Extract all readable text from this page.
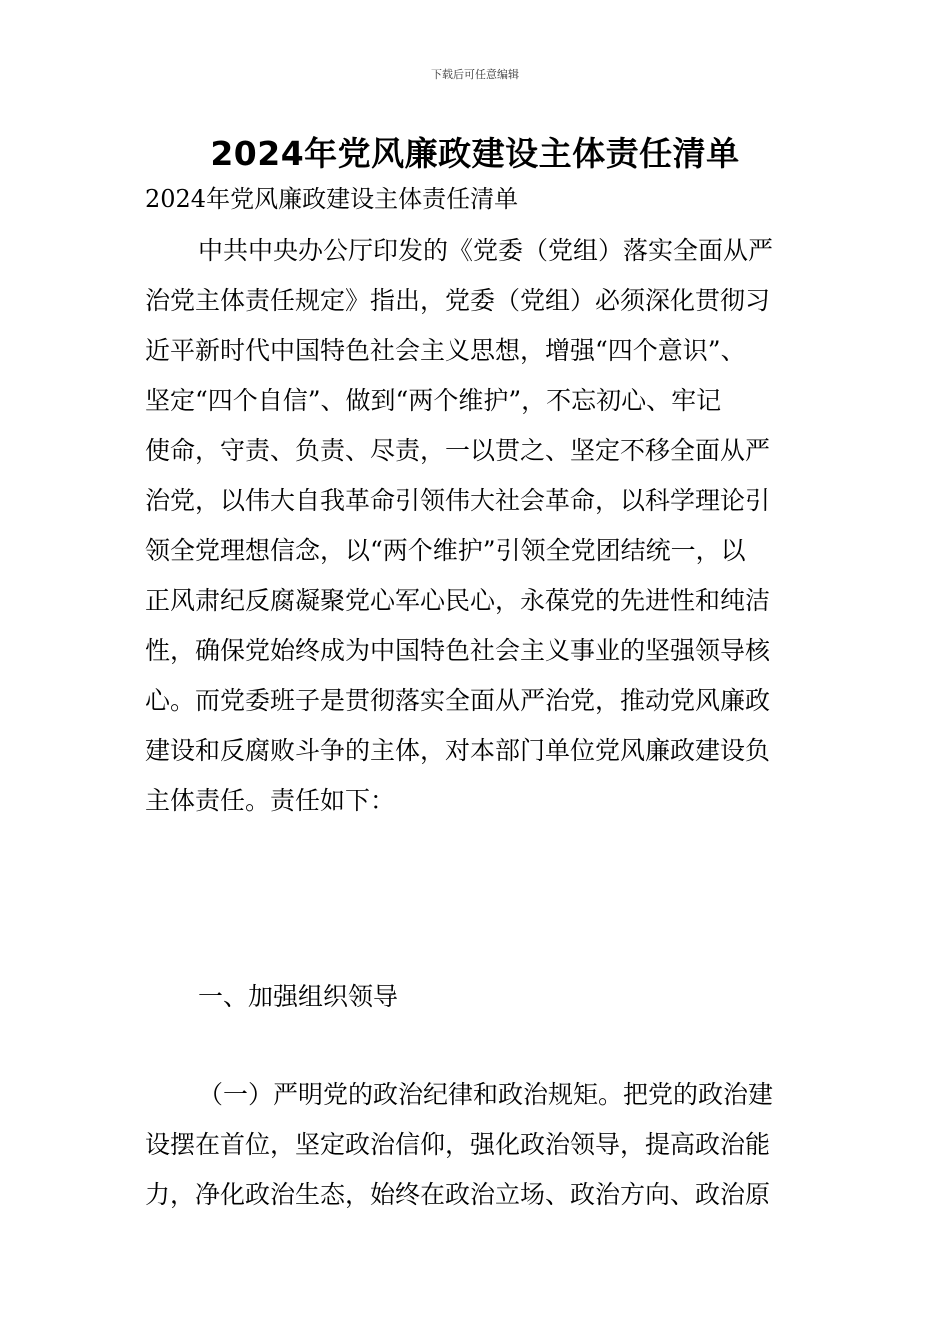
下载后可任意编辑
2024年党风廉政建设主体责任清单
2024年党风廉政建设主体责任清单
中共中央办公厅印发的《党委（党组）落实全面从严
治党主体责任规定》指出，党委（党组）必须深化贯彻习
近平新时代中国特色社会主义思想，增强“四个意识”、
坚定“四个自信”、做到“两个维护”，不忘初心、牢记
使命，守责、负责、尽责，一以贯之、坚定不移全面从严
治党，以伟大自我革命引领伟大社会革命，以科学理论引
领全党理想信念，以“两个维护”引领全党团结统一，以
正风肃纪反腐凝聚党心军心民心，永葆党的先进性和纯洁
性，确保党始终成为中国特色社会主义事业的坚强领导核
心。而党委班子是贯彻落实全面从严治党，推动党风廉政
建设和反腐败斗争的主体，对本部门单位党风廉政建设负
主体责任。责任如下：
一、加强组织领导
（一）严明党的政治纪律和政治规矩。把党的政治建
设摆在首位，坚定政治信仰，强化政治领导，提高政治能
力，净化政治生态，始终在政治立场、政治方向、政治原
